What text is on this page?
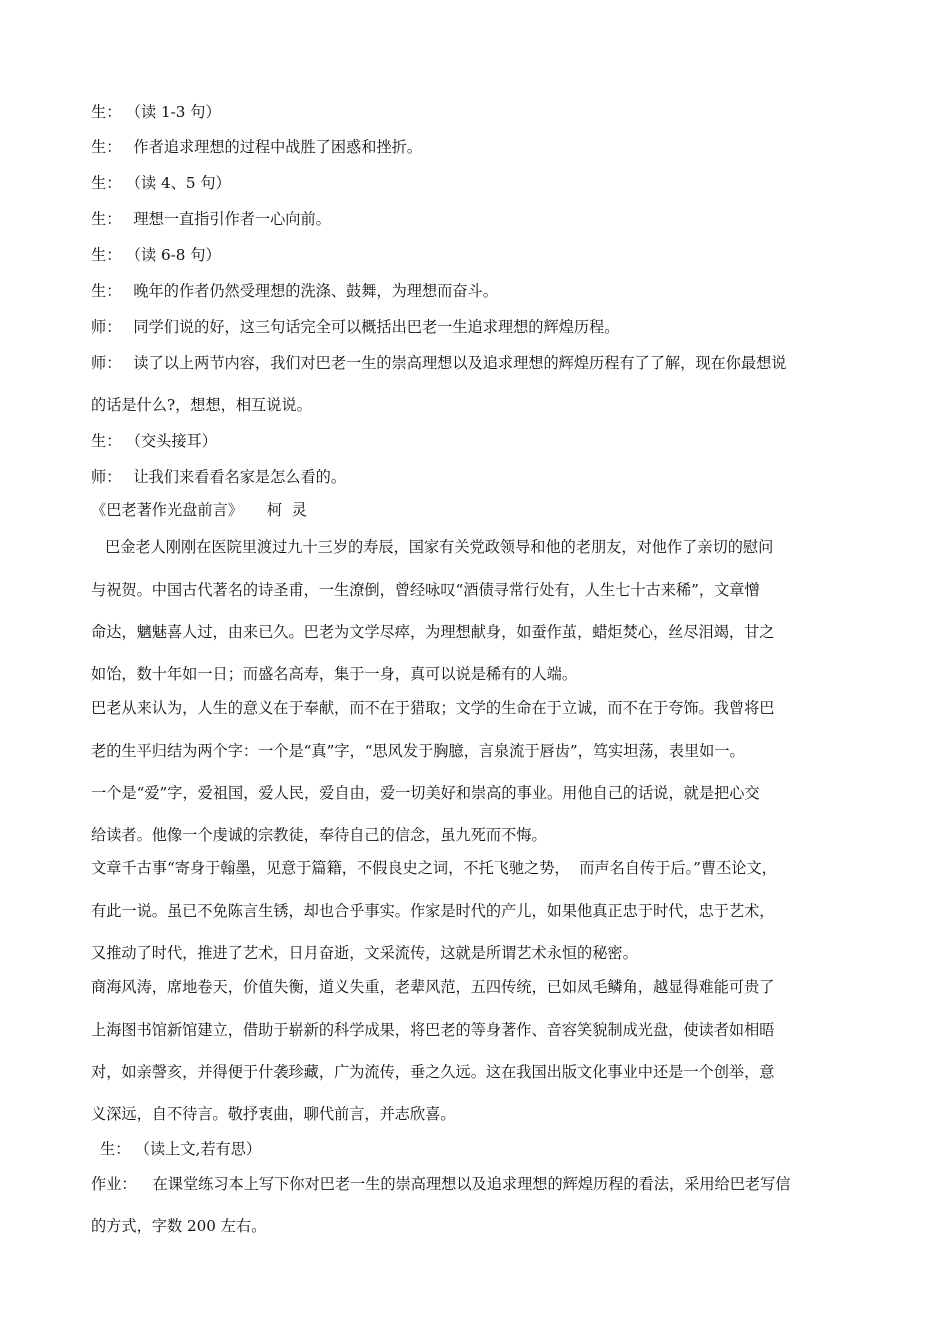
生： （读 1-3 句）
生： 作者追求理想的过程中战胜了困惑和挫折。
生： （读 4、5 句）
生： 理想一直指引作者一心向前。
生： （读 6-8 句）
生： 晚年的作者仍然受理想的洗涤、鼓舞，为理想而奋斗。
师： 同学们说的好，这三句话完全可以概括出巴老一生追求理想的辉煌历程。
师： 读了以上两节内容，我们对巴老一生的崇高理想以及追求理想的辉煌历程有了了解，现在你最想说
的话是什么?，想想，相互说说。
生： （交头接耳）
师： 让我们来看看名家是怎么看的。
《巴老著作光盘前言》 柯  灵
巴金老人刚刚在医院里渡过九十三岁的寿辰，国家有关党政领导和他的老朋友，对他作了亲切的慰问
与祝贺。中国古代著名的诗圣甫，一生潦倒，曾经咏叹“酒债寻常行处有，人生七十古来稀”，文章憎
命达，魑魅喜人过，由来已久。巴老为文学尽瘁，为理想献身，如蚕作茧，蜡炬焚心，丝尽泪竭，甘之
如饴，数十年如一日；而盛名高寿，集于一身，真可以说是稀有的人端。
巴老从来认为，人生的意义在于奉献，而不在于猎取；文学的生命在于立诚，而不在于夸饰。我曾将巴
老的生平归结为两个字：一个是“真”字，“思风发于胸臆，言泉流于唇齿”，笃实坦荡，表里如一。
一个是“爱”字，爱祖国，爱人民，爱自由，爱一切美好和崇高的事业。用他自己的话说，就是把心交
给读者。他像一个虔诚的宗教徒，奉待自己的信念，虽九死而不悔。
文章千古事“寄身于翰墨，见意于篇籍，不假良史之词，不托飞驰之势，  而声名自传于后。”曹丕论文，
有此一说。虽已不免陈言生锈，却也合乎事实。作家是时代的产儿，如果他真正忠于时代，忠于艺术，
又推动了时代，推进了艺术，日月奋逝，文采流传，这就是所谓艺术永恒的秘密。
商海风涛，席地卷天，价值失衡，道义失重，老辈风范，五四传统，已如凤毛鳞角，越显得难能可贵了
上海图书馆新馆建立，借助于崭新的科学成果，将巴老的等身著作、音容笑貌制成光盘，使读者如相晤
对，如亲謦亥，并得便于什袭珍藏，广为流传，垂之久远。这在我国出版文化事业中还是一个创举，意
义深远，自不待言。敬抒衷曲，聊代前言，并志欣喜。
生： （读上文,若有思）
作业： 在课堂练习本上写下你对巴老一生的崇高理想以及追求理想的辉煌历程的看法，采用给巴老写信
的方式，字数 200 左右。
